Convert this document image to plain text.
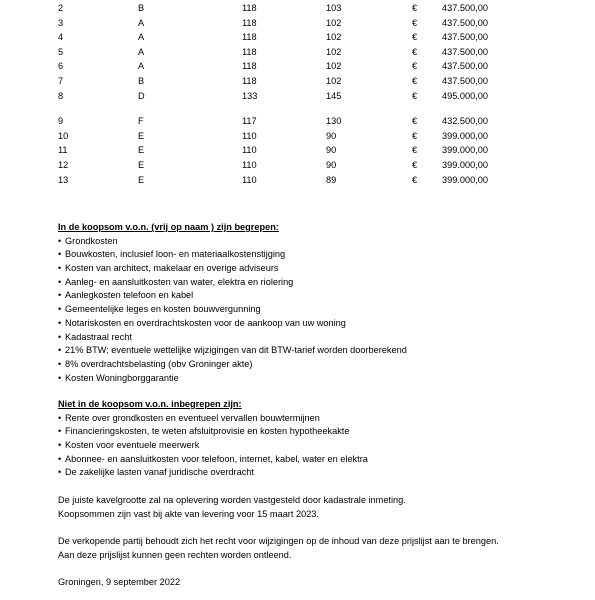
2	B	118	103	€	437.500,00
3	A	118	102	€	437.500,00
4	A	118	102	€	437.500,00
5	A	118	102	€	437.500,00
6	A	118	102	€	437.500,00
7	B	118	102	€	437.500,00
8	D	133	145	€	495.000,00

9	F	117	130	€	432.500,00
10	E	110	90	€	399.000,00
11	E	110	90	€	399.000,00
12	E	110	90	€	399.000,00
13	E	110	89	€	399.000,00
In de koopsom v.o.n. (vrij op naam ) zijn begrepen:
• Grondkosten
• Bouwkosten, inclusief loon- en materiaalkostenstijging
• Kosten van architect, makelaar en overige adviseurs
• Aanleg- en aansluitkosten van water, elektra en riolering
• Aanlegkosten telefoon en kabel
• Gemeentelijke leges en kosten bouwvergunning
• Notariskosten en overdrachtskosten voor de aankoop van uw woning
• Kadastraal recht
• 21% BTW; eventuele wettelijke wijzigingen van dit BTW-tarief worden doorberekend
• 8% overdrachtsbelasting (obv Groninger akte)
• Kosten Woningborggarantie
Niet in de koopsom v.o.n. inbegrepen zijn:
• Rente over grondkosten en eventueel vervallen bouwtermijnen
• Financieringskosten, te weten afsluitprovisie en kosten hypotheekakte
• Kosten voor eventuele meerwerk
• Abonnee- en aansluitkosten voor telefoon, internet, kabel, water en elektra
• De zakelijke lasten vanaf juridische overdracht
De juiste kavelgrootte zal na oplevering worden vastgesteld door kadastrale inmeting.
Koopsommen zijn vast bij akte van levering voor 15 maart 2023.
De verkopende partij behoudt zich het recht voor wijzigingen op de inhoud van deze prijslijst aan te brengen.
Aan deze prijslijst kunnen geen rechten worden ontleend.
Groningen, 9 september 2022
